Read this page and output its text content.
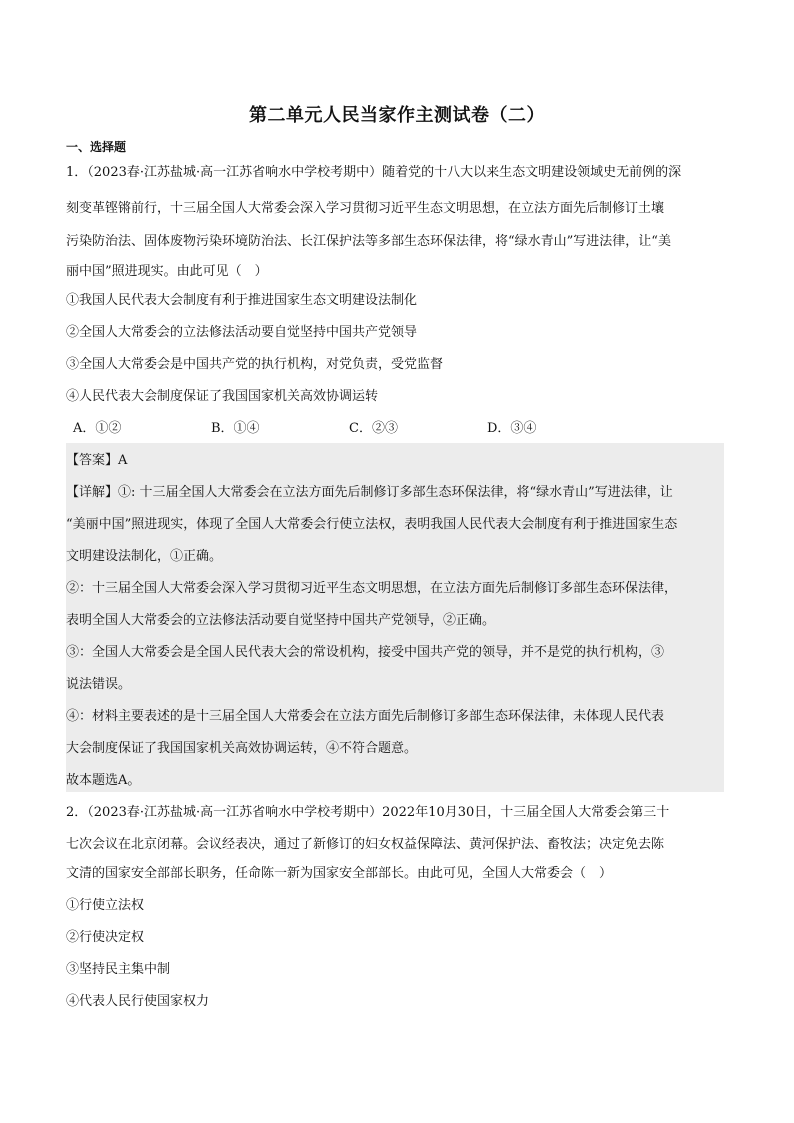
第二单元人民当家作主测试卷（二）
一、选择题
1．（2023春·江苏盐城·高一江苏省响水中学校考期中）随着党的十八大以来生态文明建设领域史无前例的深
刻变革铿锵前行，十三届全国人大常委会深入学习贯彻习近平生态文明思想，在立法方面先后制修订土壤
污染防治法、固体废物污染环境防治法、长江保护法等多部生态环保法律，将“绿水青山”写进法律，让“美
丽中国”照进现实。由此可见（　）
①我国人民代表大会制度有利于推进国家生态文明建设法制化
②全国人大常委会的立法修法活动要自觉坚持中国共产党领导
③全国人大常委会是中国共产党的执行机构，对党负责，受党监督
④人民代表大会制度保证了我国国家机关高效协调运转
A．①②	B．①④	C．②③	D．③④
【答案】A
【详解】①: 十三届全国人大常委会在立法方面先后制修订多部生态环保法律，将“绿水青山”写进法律，让
“美丽中国”照进现实，体现了全国人大常委会行使立法权，表明我国人民代表大会制度有利于推进国家生态
文明建设法制化，①正确。
②：十三届全国人大常委会深入学习贯彻习近平生态文明思想，在立法方面先后制修订多部生态环保法律，
表明全国人大常委会的立法修法活动要自觉坚持中国共产党领导，②正确。
③：全国人大常委会是全国人民代表大会的常设机构，接受中国共产党的领导，并不是党的执行机构，③
说法错误。
④：材料主要表述的是十三届全国人大常委会在立法方面先后制修订多部生态环保法律，未体现人民代表
大会制度保证了我国国家机关高效协调运转，④不符合题意。
故本题选A。
2．（2023春·江苏盐城·高一江苏省响水中学校考期中）2022年10月30日，十三届全国人大常委会第三十
七次会议在北京闭幕。会议经表决，通过了新修订的妇女权益保障法、黄河保护法、畜牧法；决定免去陈
文清的国家安全部部长职务，任命陈一新为国家安全部部长。由此可见，全国人大常委会（　）
①行使立法权
②行使决定权
③坚持民主集中制
④代表人民行使国家权力
